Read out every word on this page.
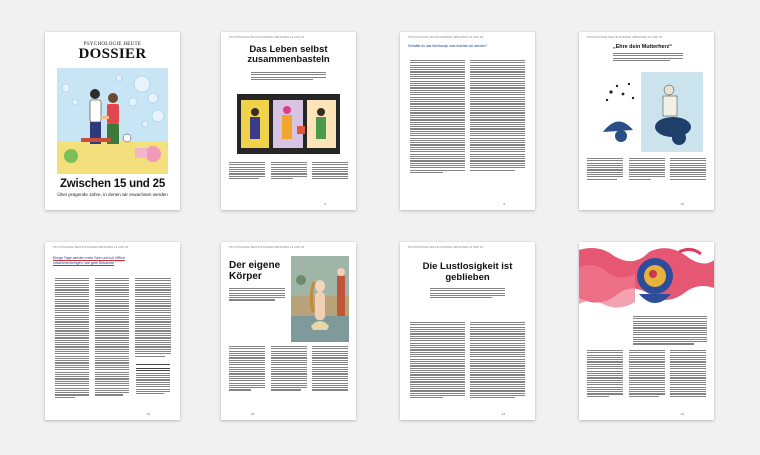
PSYCHOLOGIE HEUTE
DOSSIER
Zwischen 15 und 25
Über prägende Jahre, in denen wir erwachsen werden
PSYCHOLOGIE HEUTE DOSSIER ZWISCHEN 15 UND 25
Das Leben selbst zusammenbasteln
5
PSYCHOLOGIE HEUTE DOSSIER ZWISCHEN 15 UND 25
Schaffst du das überhaupt, was machen du werden?
9
PSYCHOLOGIE HEUTE DOSSIER ZWISCHEN 15 UND 25
„Ehre dein Mutterherz“
10
PSYCHOLOGIE HEUTE DOSSIER ZWISCHEN 15 UND 25
Einige Tage werden mein Sein und ich NRich zusammenbringen, wie gute Bekannte
15
PSYCHOLOGIE HEUTE DOSSIER ZWISCHEN 15 UND 25
Der eigene Körper
20
PSYCHOLOGIE HEUTE DOSSIER ZWISCHEN 15 UND 25
Die Lustlosigkeit ist geblieben
23	24
